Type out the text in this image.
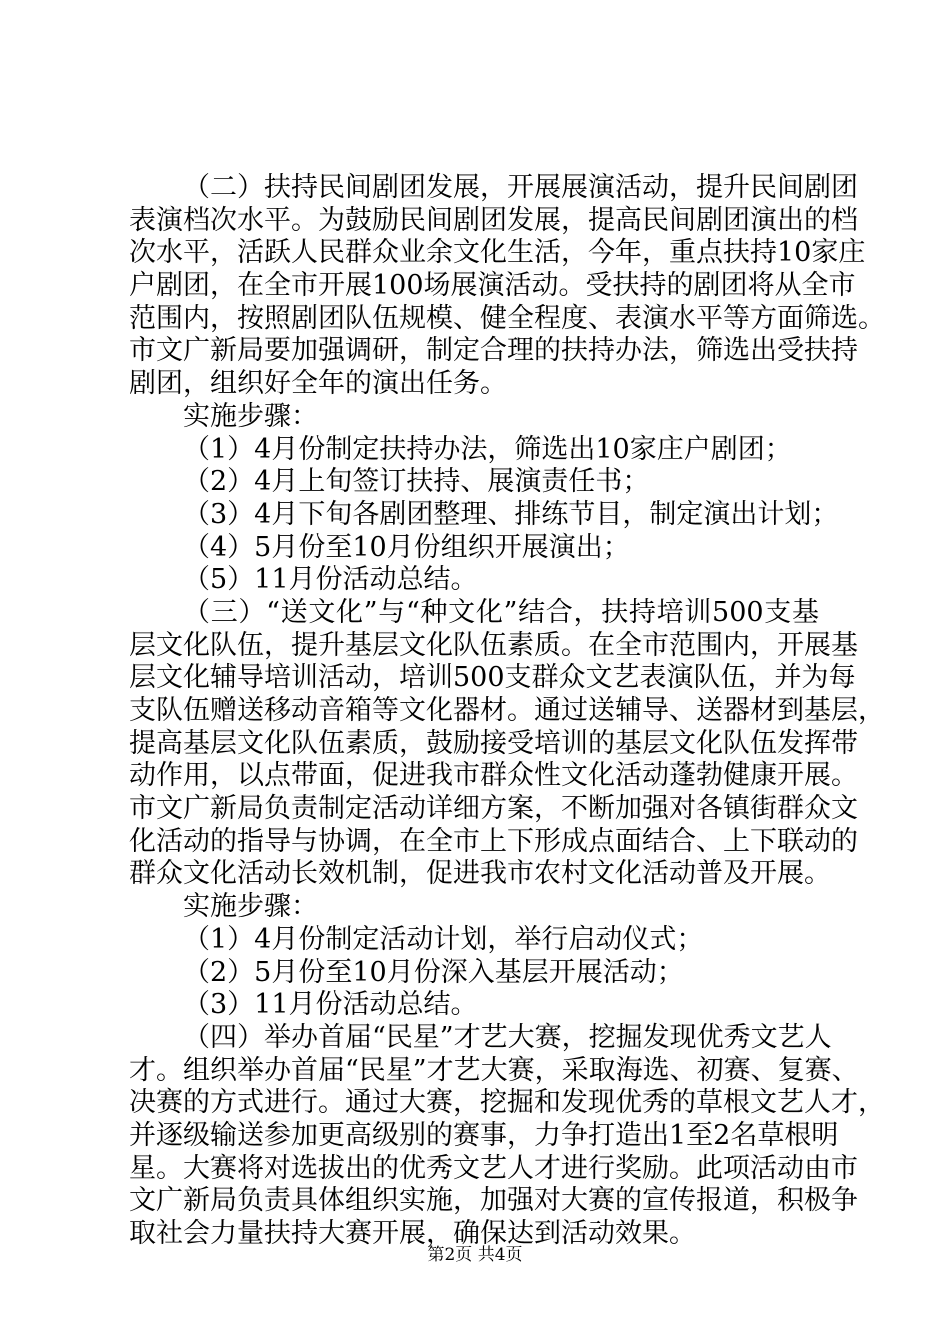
（二）扶持民间剧团发展，开展展演活动，提升民间剧团
表演档次水平。为鼓励民间剧团发展，提高民间剧团演出的档
次水平，活跃人民群众业余文化生活，今年，重点扶持10家庄
户剧团，在全市开展100场展演活动。受扶持的剧团将从全市
范围内，按照剧团队伍规模、健全程度、表演水平等方面筛选。
市文广新局要加强调研，制定合理的扶持办法，筛选出受扶持
剧团，组织好全年的演出任务。
实施步骤：
（1）4月份制定扶持办法，筛选出10家庄户剧团；
（2）4月上旬签订扶持、展演责任书；
（3）4月下旬各剧团整理、排练节目，制定演出计划；
（4）5月份至10月份组织开展演出；
（5）11月份活动总结。
（三）“送文化”与“种文化”结合，扶持培训500支基
层文化队伍，提升基层文化队伍素质。在全市范围内，开展基
层文化辅导培训活动，培训500支群众文艺表演队伍，并为每
支队伍赠送移动音箱等文化器材。通过送辅导、送器材到基层，
提高基层文化队伍素质，鼓励接受培训的基层文化队伍发挥带
动作用，以点带面，促进我市群众性文化活动蓬勃健康开展。
市文广新局负责制定活动详细方案，不断加强对各镇街群众文
化活动的指导与协调，在全市上下形成点面结合、上下联动的
群众文化活动长效机制，促进我市农村文化活动普及开展。
实施步骤：
（1）4月份制定活动计划，举行启动仪式；
（2）5月份至10月份深入基层开展活动；
（3）11月份活动总结。
（四）举办首届“民星”才艺大赛，挖掘发现优秀文艺人
才。组织举办首届“民星”才艺大赛，采取海选、初赛、复赛、
决赛的方式进行。通过大赛，挖掘和发现优秀的草根文艺人才，
并逐级输送参加更高级别的赛事，力争打造出1至2名草根明
星。大赛将对选拔出的优秀文艺人才进行奖励。此项活动由市
文广新局负责具体组织实施，加强对大赛的宣传报道，积极争
取社会力量扶持大赛开展，确保达到活动效果。
第2页 共4页
